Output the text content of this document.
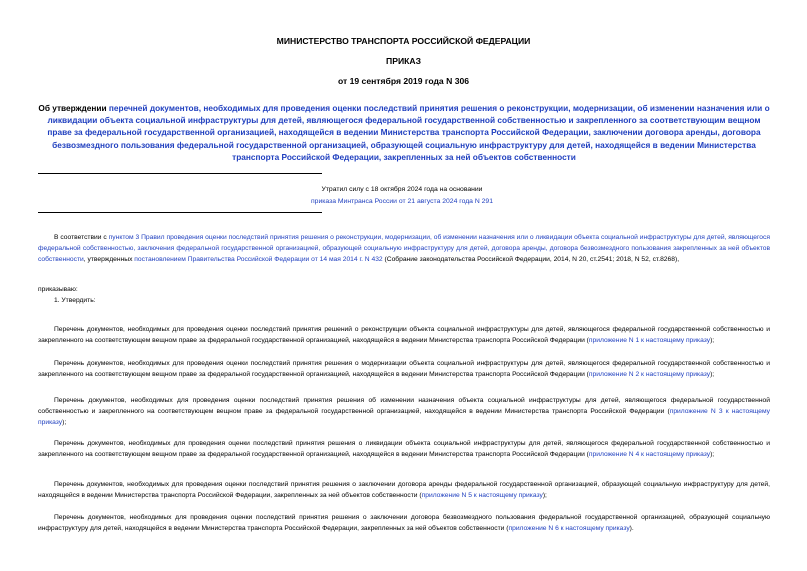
МИНИСТЕРСТВО ТРАНСПОРТА РОССИЙСКОЙ ФЕДЕРАЦИИ
ПРИКАЗ
от 19 сентября 2019 года N 306
Об утверждении перечней документов, необходимых для проведения оценки последствий принятия решения о реконструкции, модернизации, об изменении назначения или о ликвидации объекта социальной инфраструктуры для детей, являющегося федеральной государственной собственностью и закрепленного за соответствующим вещном праве за федеральной государственной организацией, находящейся в ведении Министерства транспорта Российской Федерации, заключении договора аренды, договора безвозмездного пользования федеральной государственной организацией, образующей социальную инфраструктуру для детей, находящейся в ведении Министерства транспорта Российской Федерации, закрепленных за ней объектов собственности
Утратил силу с 18 октября 2024 года на основании
приказа Минтранса России от 21 августа 2024 года N 291
В соответствии с пунктом 3 Правил проведения оценки последствий принятия решения о реконструкции, модернизации, об изменении назначения или о ликвидации объекта социальной инфраструктуры для детей, являющегося федеральной собственностью, заключения федеральной государственной организацией, образующей социальную инфраструктуру для детей, договора аренды, договора безвозмездного пользования закрепленных за ней объектов собственности, утвержденных постановлением Правительства Российской Федерации от 14 мая 2014 г. N 432 (Собрание законодательства Российской Федерации, 2014, N 20, ст.2541; 2018, N 52, ст.8268),
приказываю:
1. Утвердить:
Перечень документов, необходимых для проведения оценки последствий принятия решений о реконструкции объекта социальной инфраструктуры для детей, являющегося федеральной государственной собственностью и закрепленного на соответствующем вещном праве за федеральной государственной организацией, находящейся в ведении Министерства транспорта Российской Федерации (приложение N 1 к настоящему приказу);
Перечень документов, необходимых для проведения оценки последствий принятия решения о модернизации объекта социальной инфраструктуры для детей, являющегося федеральной государственной собственностью и закрепленного на соответствующем вещном праве за федеральной государственной организацией, находящейся в ведении Министерства транспорта Российской Федерации (приложение N 2 к настоящему приказу);
Перечень документов, необходимых для проведения оценки последствий принятия решения об изменении назначения объекта социальной инфраструктуры для детей, являющегося федеральной государственной собственностью и закрепленного на соответствующем вещном праве за федеральной государственной организацией, находящейся в ведении Министерства транспорта Российской Федерации (приложение N 3 к настоящему приказу);
Перечень документов, необходимых для проведения оценки последствий принятия решения о ликвидации объекта социальной инфраструктуры для детей, являющегося федеральной государственной собственностью и закрепленного на соответствующем вещном праве за федеральной государственной организацией, находящейся в ведении Министерства транспорта Российской Федерации (приложение N 4 к настоящему приказу);
Перечень документов, необходимых для проведения оценки последствий принятия решения о заключении договора аренды федеральной государственной организацией, образующей социальную инфраструктуру для детей, находящейся в ведении Министерства транспорта Российской Федерации, закрепленных за ней объектов собственности (приложение N 5 к настоящему приказу);
Перечень документов, необходимых для проведения оценки последствий принятия решения о заключении договора безвозмездного пользования федеральной государственной организацией, образующей социальную инфраструктуру для детей, находящейся в ведении Министерства транспорта Российской Федерации, закрепленных за ней объектов собственности (приложение N 6 к настоящему приказу).
